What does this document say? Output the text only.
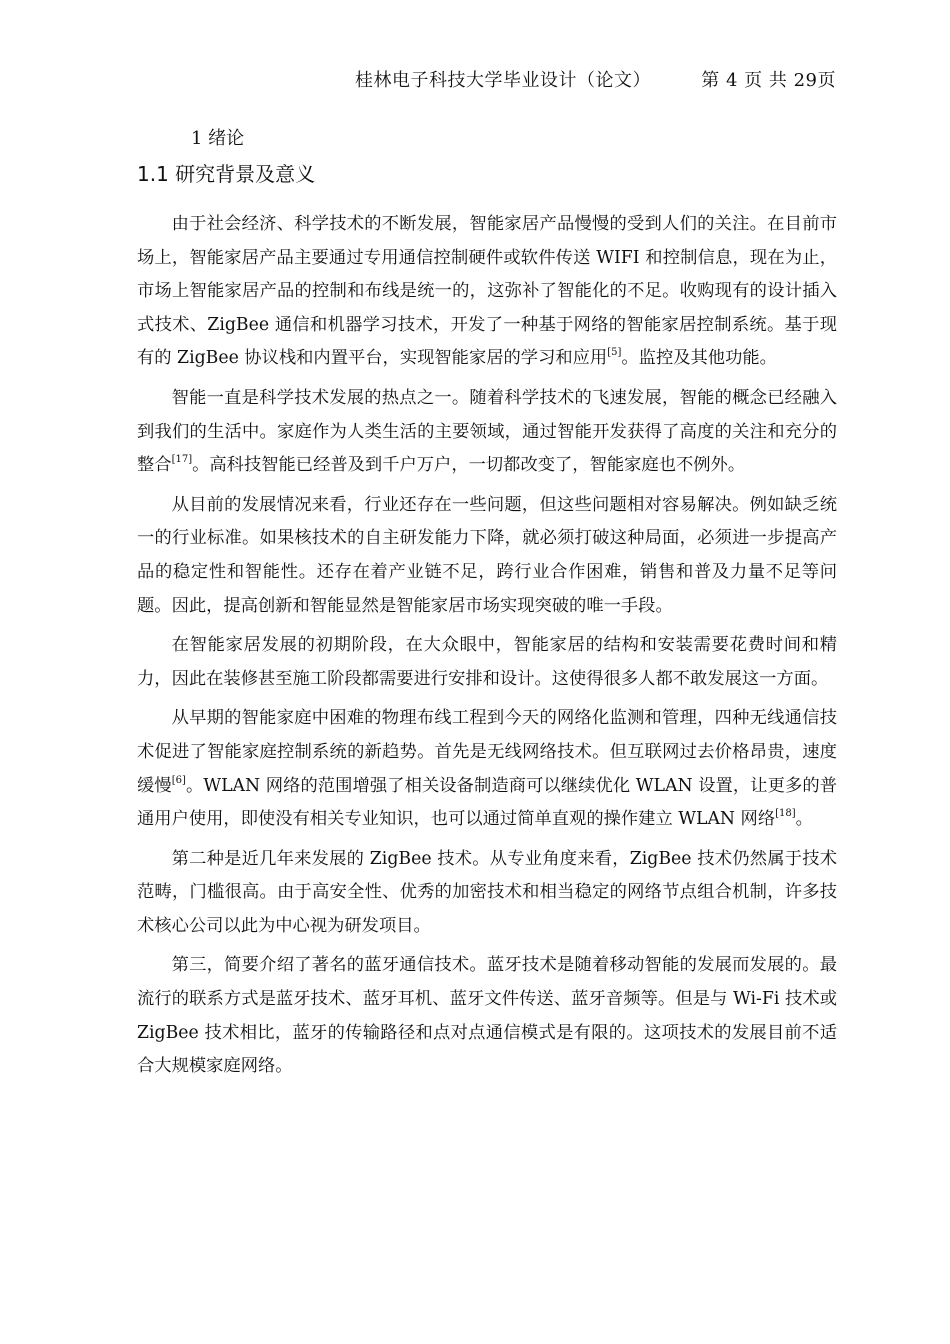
桂林电子科技大学毕业设计（论文）	第 4 页 共 29页
1 绪论
1.1 研究背景及意义

由于社会经济、科学技术的不断发展，智能家居产品慢慢的受到人们的关注。在目前市场上，智能家居产品主要通过专用通信控制硬件或软件传送 WIFI 和控制信息，现在为止，市场上智能家居产品的控制和布线是统一的，这弥补了智能化的不足。收购现有的设计插入式技术、ZigBee 通信和机器学习技术，开发了一种基于网络的智能家居控制系统。基于现有的 ZigBee 协议栈和内置平台，实现智能家居的学习和应用[5]。监控及其他功能。

智能一直是科学技术发展的热点之一。随着科学技术的飞速发展，智能的概念已经融入到我们的生活中。家庭作为人类生活的主要领域，通过智能开发获得了高度的关注和充分的整合[17]。高科技智能已经普及到千户万户，一切都改变了，智能家庭也不例外。

从目前的发展情况来看，行业还存在一些问题，但这些问题相对容易解决。例如缺乏统一的行业标准。如果核技术的自主研发能力下降，就必须打破这种局面，必须进一步提高产品的稳定性和智能性。还存在着产业链不足，跨行业合作困难，销售和普及力量不足等问题。因此，提高创新和智能显然是智能家居市场实现突破的唯一手段。

在智能家居发展的初期阶段，在大众眼中，智能家居的结构和安装需要花费时间和精力，因此在装修甚至施工阶段都需要进行安排和设计。这使得很多人都不敢发展这一方面。

从早期的智能家庭中困难的物理布线工程到今天的网络化监测和管理，四种无线通信技术促进了智能家庭控制系统的新趋势。首先是无线网络技术。但互联网过去价格昂贵，速度缓慢[6]。WLAN 网络的范围增强了相关设备制造商可以继续优化 WLAN 设置，让更多的普通用户使用，即使没有相关专业知识，也可以通过简单直观的操作建立 WLAN 网络[18]。

第二种是近几年来发展的 ZigBee 技术。从专业角度来看，ZigBee 技术仍然属于技术范畴，门槛很高。由于高安全性、优秀的加密技术和相当稳定的网络节点组合机制，许多技术核心公司以此为中心视为研发项目。

第三，简要介绍了著名的蓝牙通信技术。蓝牙技术是随着移动智能的发展而发展的。最流行的联系方式是蓝牙技术、蓝牙耳机、蓝牙文件传送、蓝牙音频等。但是与 Wi-Fi 技术或 ZigBee 技术相比，蓝牙的传输路径和点对点通信模式是有限的。这项技术的发展目前不适合大规模家庭网络。
